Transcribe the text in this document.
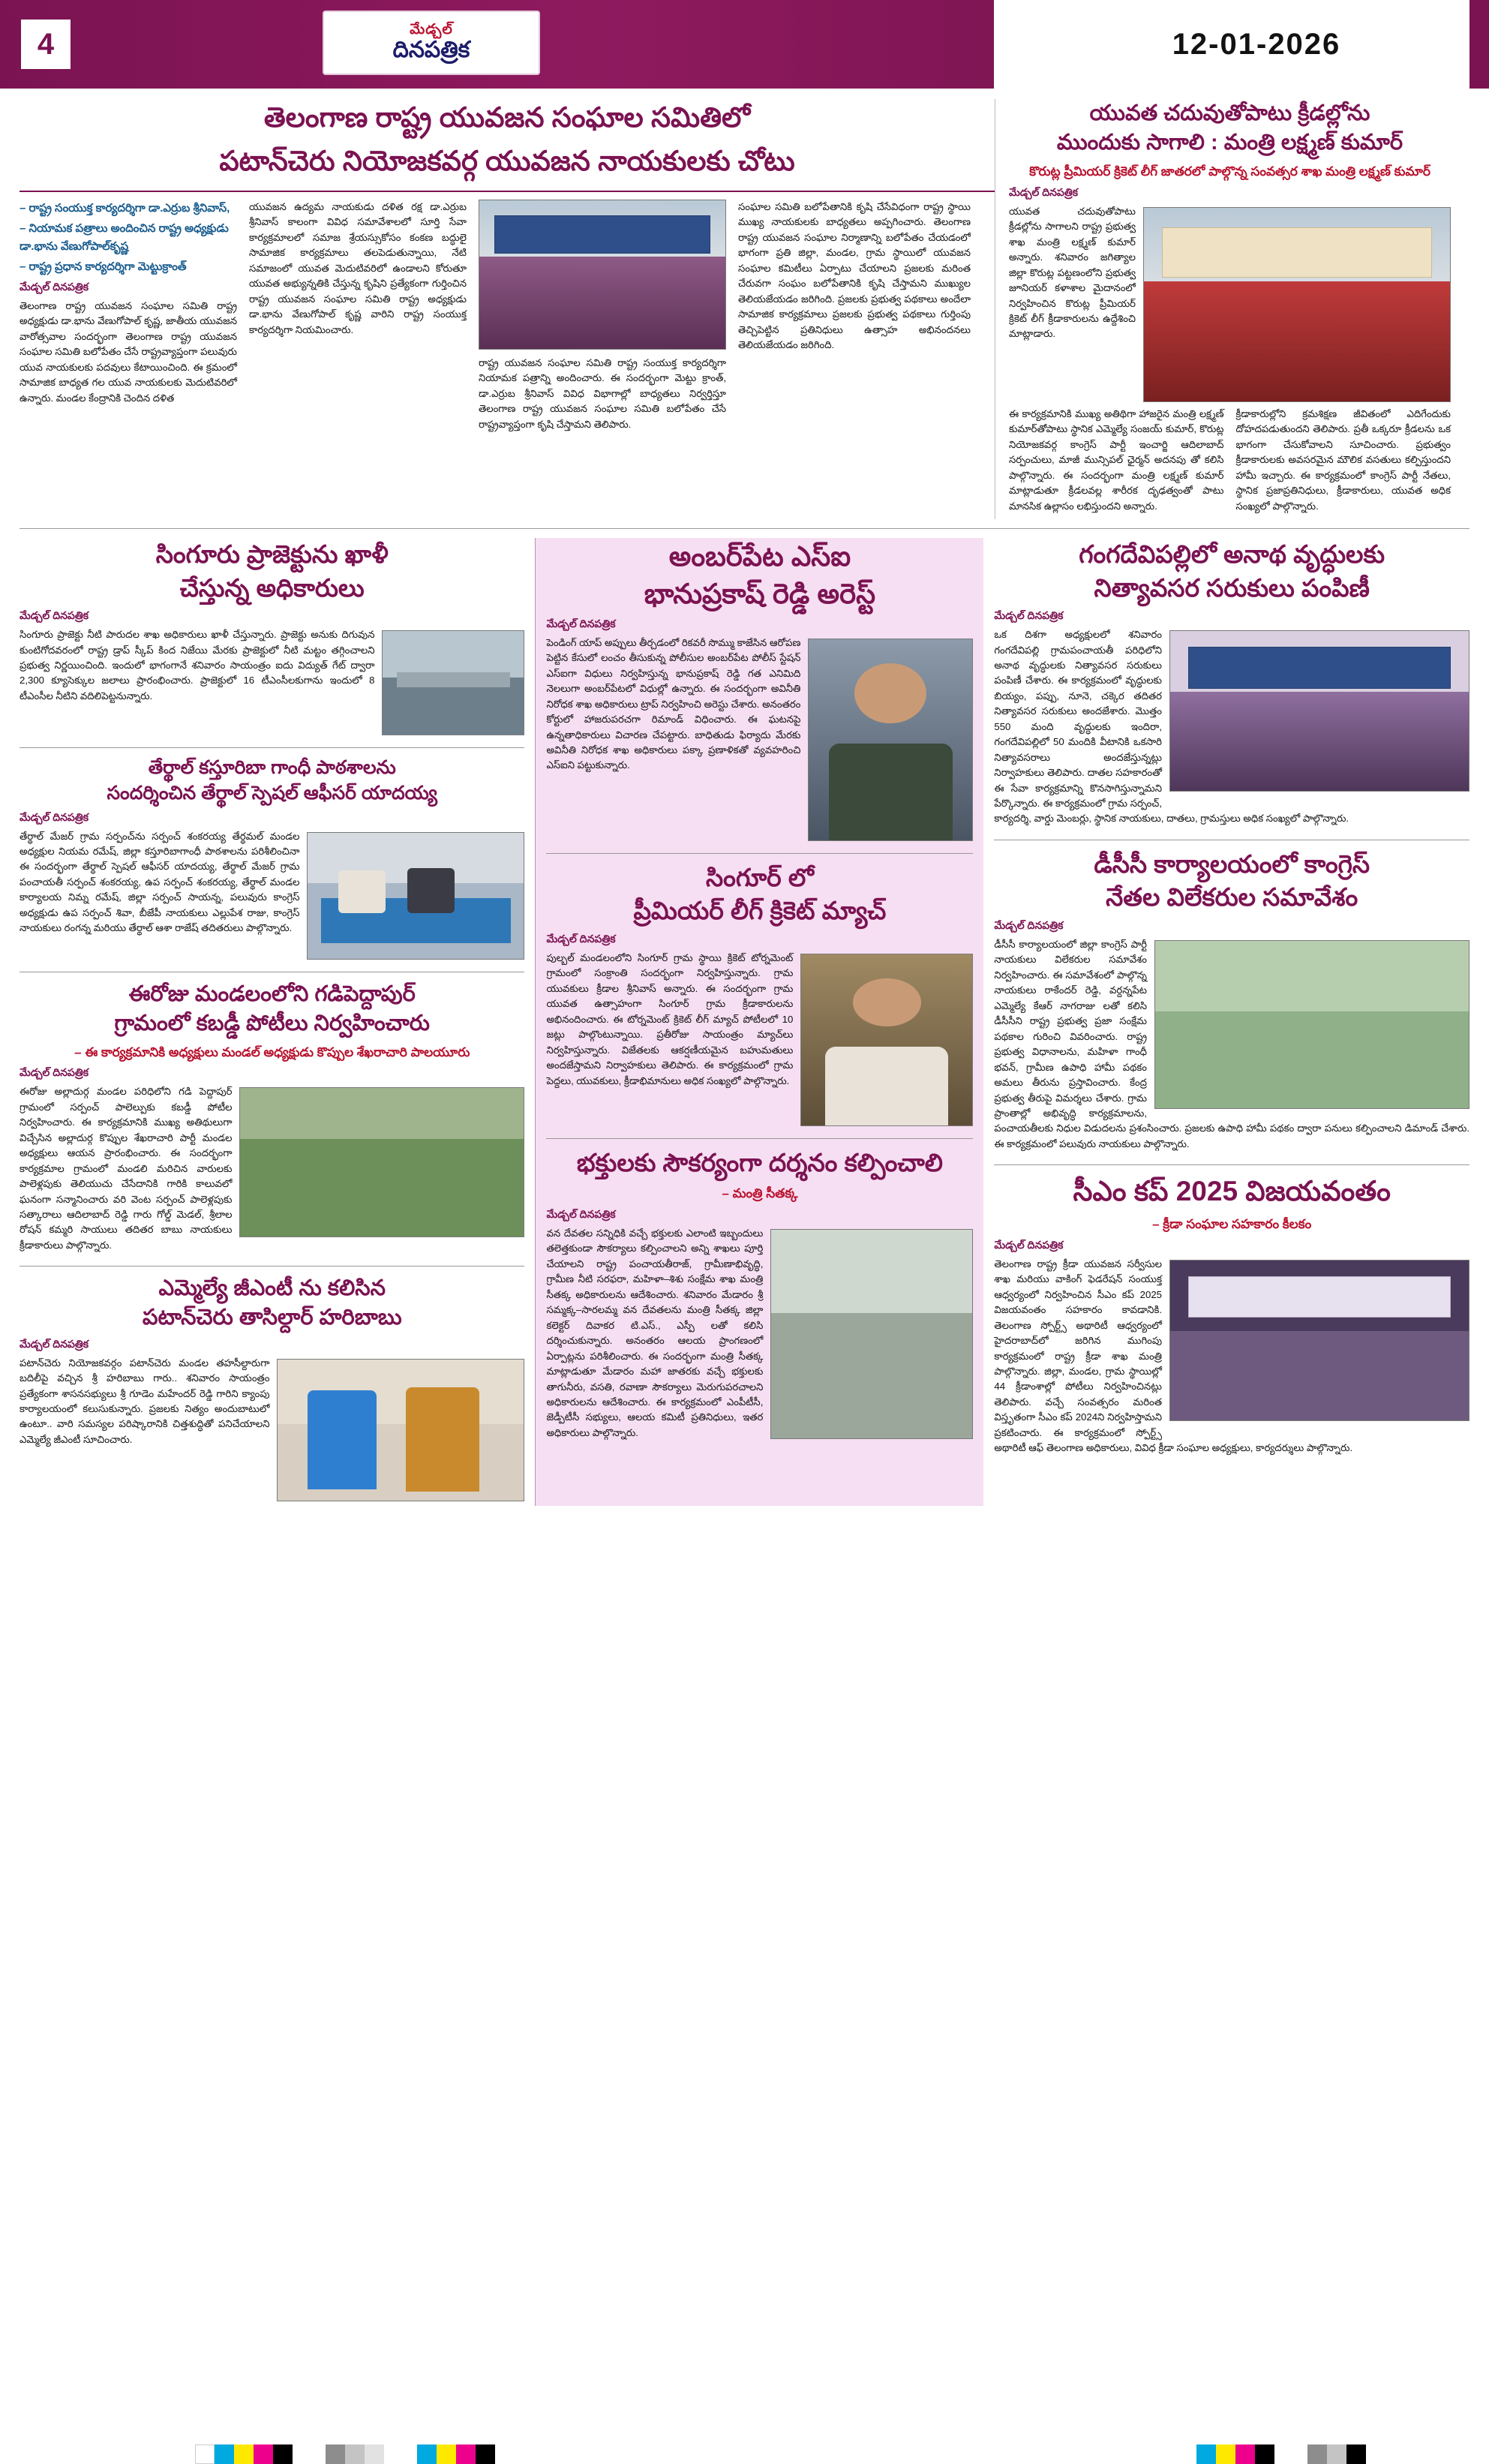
4	మేడ్చల్
దినపత్రిక	12-01-2026
తెలంగాణ రాష్ట్ర యువజన సంఘాల సమితిలో
పటాన్‌చెరు నియోజకవర్గ యువజన నాయకులకు చోటు
– రాష్ట్ర సంయుక్త కార్యదర్శిగా డా.ఎర్రుబ శ్రీనివాస్,
– నియామక పత్రాలు అందించిన రాష్ట్ర అధ్యక్షుడు డా.భాను వేణుగోపాల్‌కృష్ణ
– రాష్ట్ర ప్రధాన కార్యదర్శిగా మెట్టుక్రాంత్
మేడ్చల్ దినపత్రిక

తెలంగాణ రాష్ట్ర యువజన సంఘాల సమితి రాష్ట్ర అధ్యక్షుడు డా.భాను వేణుగోపాల్ కృష్ణ, జాతీయ యువజన వారోత్సవాల సందర్భంగా తెలంగాణ రాష్ట్ర యువజన సంఘాల సమితి బలోపేతం చేసే రాష్ట్రవ్యాప్తంగా పలువురు యువ నాయకులకు పదవులు కేటాయించింది. ఈ క్రమంలో సామాజిక బాధ్యత గల యువ నాయకులకు మెదుటివరిలో ఉన్నారు. మండల కేంద్రానికి చెందిన దళిత

యువజన ఉద్యమ నాయకుడు దళిత రక్ష డా.ఎర్రుబ శ్రీనివాస్ కాలంగా వివిధ సమావేశాలలో సూర్తి సేవా కార్యక్రమాలలో సమాజ శ్రేయస్సుకోసం కంకణ బద్ధులై సామాజిక కార్యక్రమాలు తలపెడుతున్నాయి, నేటి సమాజంలో యువత మెదుటివరిలో ఉండాలని కోరుతూ యువత అభ్యున్నతికి చేస్తున్న కృషిని ప్రత్యేకంగా గుర్తించిన రాష్ట్ర యువజన సంఘాల సమితి రాష్ట్ర అధ్యక్షుడు డా.భాను వేణుగోపాల్ కృష్ణ వారిని రాష్ట్ర సంయుక్త కార్యదర్శిగా నియమించారు.

రాష్ట్ర యువజన సంఘాల సమితి రాష్ట్ర సంయుక్త కార్యదర్శిగా నియామక పత్రాన్ని అందించారు. ఈ సందర్భంగా మెట్టు క్రాంత్, డా.ఎర్రుబ శ్రీనివాస్ వివిధ విభాగాల్లో బాధ్యతలు నిర్వర్తిస్తూ తెలంగాణ రాష్ట్ర యువజన సంఘాల సమితి బలోపేతం చేసే రాష్ట్రవ్యాప్తంగా కృషి చేస్తామని తెలిపారు.

సంఘాల సమితి బలోపేతానికి కృషి చేసేవిధంగా రాష్ట్ర స్థాయి ముఖ్య నాయకులకు బాధ్యతలు అప్పగించారు. తెలంగాణ రాష్ట్ర యువజన సంఘాల నిర్మాణాన్ని బలోపేతం చేయడంలో భాగంగా ప్రతి జిల్లా, మండల, గ్రామ స్థాయిలో యువజన సంఘాల కమిటీలు ఏర్పాటు చేయాలని ప్రజలకు మరింత చేరువగా సంఘం బలోపేతానికి కృషి చేస్తామని ముఖ్యుల తెలియజేయడం జరిగింది. ప్రజలకు ప్రభుత్వ పథకాలు అందేలా సామాజిక కార్యక్రమాలు ప్రజలకు ప్రభుత్వ పథకాలు గుర్తింపు తెచ్చిపెట్టిన ప్రతినిధులు ఉత్సాహ అభినందనలు తెలియజేయడం జరిగింది.

యువత చదువుతోపాటు క్రీడల్లోను
ముందుకు సాగాలి : మంత్రి లక్ష్మణ్ కుమార్
కొరుట్ల ప్రీమియర్ క్రికెట్ లీగ్ జాతరలో పాల్గొన్న సంవత్సర శాఖ మంత్రి లక్ష్మణ్ కుమార్
మేడ్చల్ దినపత్రిక

యువత చదువుతోపాటు క్రీడల్లోను సాగాలని రాష్ట్ర ప్రభుత్వ శాఖ మంత్రి లక్ష్మణ్ కుమార్ అన్నారు. శనివారం జగిత్యాల జిల్లా కొరుట్ల పట్టణంలోని ప్రభుత్వ జూనియర్ కళాశాల మైదానంలో నిర్వహించిన కొరుట్ల ప్రీమియర్ క్రికెట్ లీగ్ క్రీడాకారులను ఉద్దేశించి మాట్లాడారు.

ఈ కార్యక్రమానికి ముఖ్య అతిథిగా హాజరైన మంత్రి లక్ష్మణ్ కుమార్‌తోపాటు స్థానిక ఎమ్మెల్యే సంజయ్ కుమార్, కొరుట్ల నియోజకవర్గ కాంగ్రెస్ పార్టీ ఇంచార్జి ఆదిలాబాద్ సర్పంచులు, మాజీ మున్సిపల్ ఛైర్మన్ అదనపు తో కలిసి పాల్గొన్నారు. ఈ సందర్భంగా మంత్రి లక్ష్మణ్ కుమార్ మాట్లాడుతూ క్రీడలవల్ల శారీరక దృఢత్వంతో పాటు మానసిక ఉల్లాసం లభిస్తుందని అన్నారు.

క్రీడాకారుల్లోని క్రమశిక్షణ జీవితంలో ఎదిగేందుకు దోహదపడుతుందని తెలిపారు. ప్రతీ ఒక్కరూ క్రీడలను ఒక భాగంగా చేసుకోవాలని సూచించారు. ప్రభుత్వం క్రీడాకారులకు అవసరమైన మౌలిక వసతులు కల్పిస్తుందని హామీ ఇచ్చారు. ఈ కార్యక్రమంలో కాంగ్రెస్ పార్టీ నేతలు, స్థానిక ప్రజాప్రతినిధులు, క్రీడాకారులు, యువత అధిక సంఖ్యలో పాల్గొన్నారు.

సింగూరు ప్రాజెక్టును ఖాళీ
చేస్తున్న అధికారులు
మేడ్చల్ దినపత్రిక

సింగూరు ప్రాజెక్టు నీటి పారుదల శాఖ అధికారులు ఖాళీ చేస్తున్నారు. ప్రాజెక్టు అనుకు దిగువున కుంటిగోదవరంలో రాష్ట్ర డ్రాప్ స్కీప్ కింద నిజేయి మేరకు ప్రాజెక్టులో నీటి మట్టం తగ్గించాలని ప్రభుత్వ నిర్ణయించింది. ఇందులో భాగంగానే శనివారం సాయంత్రం ఐదు విద్యుత్ గేట్ ద్వారా 2,300 క్యూసెక్కుల జలాలు ప్రారంభించారు. ప్రాజెక్టులో 16 టీఎంసీలకుగాను ఇందులో 8 టీఎంసీల నీటిని వదిలిపెట్టనున్నారు.

తేర్థాల్ కస్తూరిబా గాంధీ పాఠశాలను
సందర్శించిన తేర్థాల్ స్పెషల్ ఆఫీసర్ యాదయ్య
మేడ్చల్ దినపత్రిక

తేర్థాల్ మేజర్ గ్రామ సర్పంచ్‌ను సర్పంచ్ శంకరయ్య తేర్థమల్ మండల అధ్యక్షుల నియమ రమేష్, జిల్లా కస్తూరిబాగాంధీ పాఠశాలను పరిశీలించినా ఈ సందర్భంగా తేర్థాల్ స్పెషల్ ఆఫీసర్ యాదయ్య, తేర్థాల్ మేజర్ గ్రామ పంచాయతీ సర్పంచ్ శంకరయ్య, ఉప సర్పంచ్ శంకరయ్య, తేర్థాల్ మండల కార్యాలయ నిమ్న రమేష్, జిల్లా సర్పంచ్ సాయన్న, పలువురు కాంగ్రెస్ అధ్యక్షుడు ఉప సర్పంచ్ శివా, బీజేపీ నాయకులు ఎల్లుపేశ రాజు, కాంగ్రెస్ నాయకులు రంగన్న మరియు తేర్థాల్ ఆశా రాజేష్ తదితరులు పాల్గొన్నారు.

ఈరోజు మండలంలోని గడిపెద్దాపుర్
గ్రామంలో కబడ్డీ పోటీలు నిర్వహించారు
– ఈ కార్యక్రమానికి అధ్యక్షులు మండల్ అధ్యక్షుడు కొప్పుల శేఖరాచారి పాలయూరు
మేడ్చల్ దినపత్రిక

ఈరోజు అల్లాదుర్గ మండల పరిధిలోని గడి పెద్దాపుర్ గ్రామంలో సర్పంచ్ పాలెల్పుకు కబడ్డీ పోటీల నిర్వహించారు. ఈ కార్యక్రమానికి ముఖ్య అతిథులుగా విచ్చేసిన అల్లాదుర్గ కొప్పుల శేఖరాచారి పార్టీ మండల అధ్యక్షులు ఆయన ప్రారంభించారు. ఈ సందర్భంగా కార్యక్రమాల గ్రామంలో మండలి మరిచిన వారులకు పాలెళ్లపుకు తెలియుచు చేసేదానికి గారికి కాలువలో ఘనంగా సన్మానించారు వరి వెంట సర్పంచ్ పాలెళ్లపుకు సత్కారాలు ఆదిలాబాద్ రెడ్డి గారు గోల్డ్ మెడల్, శ్రీలాల రోషన్ కమ్మరి సాయులు తదితర బాబు నాయకులు క్రీడాకారులు పాల్గొన్నారు.

ఎమ్మెల్యే జీఎంటీ ను కలిసిన
పటాన్‌చెరు తాసిల్దార్ హరిబాబు
మేడ్చల్ దినపత్రిక

పటాన్‌చెరు నియోజకవర్గం పటాన్‌చెరు మండల తహసీల్దారుగా బదిలీపై వచ్చిన శ్రీ హరిబాబు గారు.. శనివారం సాయంత్రం ప్రత్యేకంగా శాసనసభ్యులు శ్రీ గూడెం మహేందర్ రెడ్డి గారిని క్యాంపు కార్యాలయంలో కలుసుకున్నారు. ప్రజలకు నిత్యం అందుబాటులో ఉంటూ.. వారి సమస్యల పరిష్కారానికి చిత్తశుద్ధితో పనిచేయాలని ఎమ్మెల్యే జీఎంటీ సూచించారు.

అంబర్‌పేట ఎస్ఐ
భానుప్రకాష్ రెడ్డి అరెస్ట్
మేడ్చల్ దినపత్రిక

పెండింగ్ యాప్ అప్పులు తీర్చడంలో రికవరీ సొమ్ము కాజేసిన ఆరోపణ పెట్టిన కేసులో లంచం తీసుకున్న పోలీసుల అంబర్‌పేట పోలీస్ స్టేషన్ ఎస్ఐగా విధులు నిర్వహిస్తున్న భానుప్రకాష్ రెడ్డి గత ఎనిమిది నెలలుగా అంబర్‌పేటలో విధుల్లో ఉన్నారు. ఈ సందర్భంగా అవినీతి నిరోధక శాఖ అధికారులు ట్రాప్ నిర్వహించి అరెస్టు చేశారు. అనంతరం కోర్టులో హాజరుపరచగా రిమాండ్ విధించారు. ఈ ఘటనపై ఉన్నతాధికారులు విచారణ చేపట్టారు. బాధితుడు ఫిర్యాదు మేరకు అవినీతి నిరోధక శాఖ అధికారులు పక్కా ప్రణాళికతో వ్యవహరించి ఎస్ఐని పట్టుకున్నారు.

సింగూర్ లో
ప్రీమియర్ లీగ్ క్రికెట్ మ్యాచ్
మేడ్చల్ దినపత్రిక

పుల్బల్ మండలంలోని సింగూర్ గ్రామ స్థాయి క్రికెట్ టోర్నమెంట్ గ్రామంలో సంక్రాంతి సందర్భంగా నిర్వహిస్తున్నారు. గ్రామ యువకులు క్రీడాల శ్రీనివాస్ అన్నారు. ఈ సందర్భంగా గ్రామ యువత ఉత్సాహంగా సింగూర్ గ్రామ క్రీడాకారులను అభినందించారు. ఈ టోర్నమెంట్ క్రికెట్ లీగ్ మ్యాచ్ పోటీలలో 10 జట్లు పాల్గొంటున్నాయి. ప్రతీరోజు సాయంత్రం మ్యాచ్‌లు నిర్వహిస్తున్నారు. విజేతలకు ఆకర్షణీయమైన బహుమతులు అందజేస్తామని నిర్వాహకులు తెలిపారు. ఈ కార్యక్రమంలో గ్రామ పెద్దలు, యువకులు, క్రీడాభిమానులు అధిక సంఖ్యలో పాల్గొన్నారు.

భక్తులకు సౌకర్యంగా దర్శనం కల్పించాలి
– మంత్రి సీతక్క
మేడ్చల్ దినపత్రిక

వన దేవతల సన్నిధికి వచ్చే భక్తులకు ఎలాంటి ఇబ్బందులు తలెత్తకుండా సౌకర్యాలు కల్పించాలని అన్ని శాఖలు పూర్తి చేయాలని రాష్ట్ర పంచాయతీరాజ్, గ్రామీణాభివృద్ధి, గ్రామీణ నీటి సరఫరా, మహిళా–శిశు సంక్షేమ శాఖ మంత్రి సీతక్క అధికారులను ఆదేశించారు. శనివారం మేడారం శ్రీ సమ్మక్క–సారలమ్మ వన దేవతలను మంత్రి సీతక్క జిల్లా కలెక్టర్ దివాకర టి.ఎస్., ఎస్పీ లతో కలిసి దర్శించుకున్నారు. అనంతరం ఆలయ ప్రాంగణంలో ఏర్పాట్లను పరిశీలించారు. ఈ సందర్భంగా మంత్రి సీతక్క మాట్లాడుతూ మేడారం మహా జాతరకు వచ్చే భక్తులకు తాగునీరు, వసతి, రవాణా సౌకర్యాలు మెరుగుపరచాలని అధికారులను ఆదేశించారు. ఈ కార్యక్రమంలో ఎంపీటీసీ, జెడ్పీటీసీ సభ్యులు, ఆలయ కమిటీ ప్రతినిధులు, ఇతర అధికారులు పాల్గొన్నారు.

గంగదేవిపల్లిలో అనాథ వృద్ధులకు
నిత్యావసర సరుకులు పంపిణీ
మేడ్చల్ దినపత్రిక

ఒక దిశగా అధ్యక్షులలో శనివారం గంగదేవిపల్లి గ్రామపంచాయతీ పరిధిలోని అనాథ వృద్ధులకు నిత్యావసర సరుకులు పంపిణీ చేశారు. ఈ కార్యక్రమంలో వృద్ధులకు బియ్యం, పప్పు, నూనె, చక్కెర తదితర నిత్యావసర సరుకులు అందజేశారు. మొత్తం 550 మంది వృద్ధులకు ఇందిరా, గంగదేవిపల్లిలో 50 మందికి వీటానికి ఒకసారి నిత్యావసరాలు అందజేస్తున్నట్లు నిర్వాహకులు తెలిపారు. దాతల సహకారంతో ఈ సేవా కార్యక్రమాన్ని కొనసాగిస్తున్నామని పేర్కొన్నారు. ఈ కార్యక్రమంలో గ్రామ సర్పంచ్, కార్యదర్శి, వార్డు మెంబర్లు, స్థానిక నాయకులు, దాతలు, గ్రామస్తులు అధిక సంఖ్యలో పాల్గొన్నారు.

డీసీసీ కార్యాలయంలో కాంగ్రెస్
నేతల విలేకరుల సమావేశం
మేడ్చల్ దినపత్రిక

డీసీసీ కార్యాలయంలో జిల్లా కాంగ్రెస్ పార్టీ నాయకులు విలేకరుల సమావేశం నిర్వహించారు. ఈ సమావేశంలో పాల్గొన్న నాయకులు రాకేందర్ రెడ్డి, వర్దన్నపేట ఎమ్మెల్యే కేఆర్ నాగరాజు లతో కలిసి డీసీసీని రాష్ట్ర ప్రభుత్వ ప్రజా సంక్షేమ పథకాల గురించి వివరించారు. రాష్ట్ర ప్రభుత్వ విధానాలను, మహిళా గాంధీ భవన్, గ్రామీణ ఉపాధి హామీ పథకం అమలు తీరును ప్రస్తావించారు. కేంద్ర ప్రభుత్వ తీరుపై విమర్శలు చేశారు. గ్రామ ప్రాంతాల్లో అభివృద్ధి కార్యక్రమాలను, పంచాయతీలకు నిధుల విడుదలను ప్రశంసించారు. ప్రజలకు ఉపాధి హామీ పథకం ద్వారా పనులు కల్పించాలని డిమాండ్ చేశారు. ఈ కార్యక్రమంలో పలువురు నాయకులు పాల్గొన్నారు.

సీఎం కప్ 2025 విజయవంతం
– క్రీడా సంఘాల సహకారం కీలకం
మేడ్చల్ దినపత్రిక

తెలంగాణ రాష్ట్ర క్రీడా యువజన సర్వీసుల శాఖ మరియు వాకింగ్ ఫెడరేషన్ సంయుక్త ఆధ్వర్యంలో నిర్వహించిన సీఎం కప్ 2025 విజయవంతం సహకారం కావడానికి. తెలంగాణ స్పోర్ట్స్ అథారిటీ ఆధ్వర్యంలో హైదరాబాద్‌లో జరిగిన ముగింపు కార్యక్రమంలో రాష్ట్ర క్రీడా శాఖ మంత్రి పాల్గొన్నారు. జిల్లా, మండల, గ్రామ స్థాయిల్లో 44 క్రీడాంశాల్లో పోటీలు నిర్వహించినట్లు తెలిపారు. వచ్చే సంవత్సరం మరింత విస్తృతంగా సీఎం కప్ 2024ని నిర్వహిస్తామని ప్రకటించారు. ఈ కార్యక్రమంలో స్పోర్ట్స్ అథారిటీ ఆఫ్ తెలంగాణ అధికారులు, వివిధ క్రీడా సంఘాల అధ్యక్షులు, కార్యదర్శులు పాల్గొన్నారు.
